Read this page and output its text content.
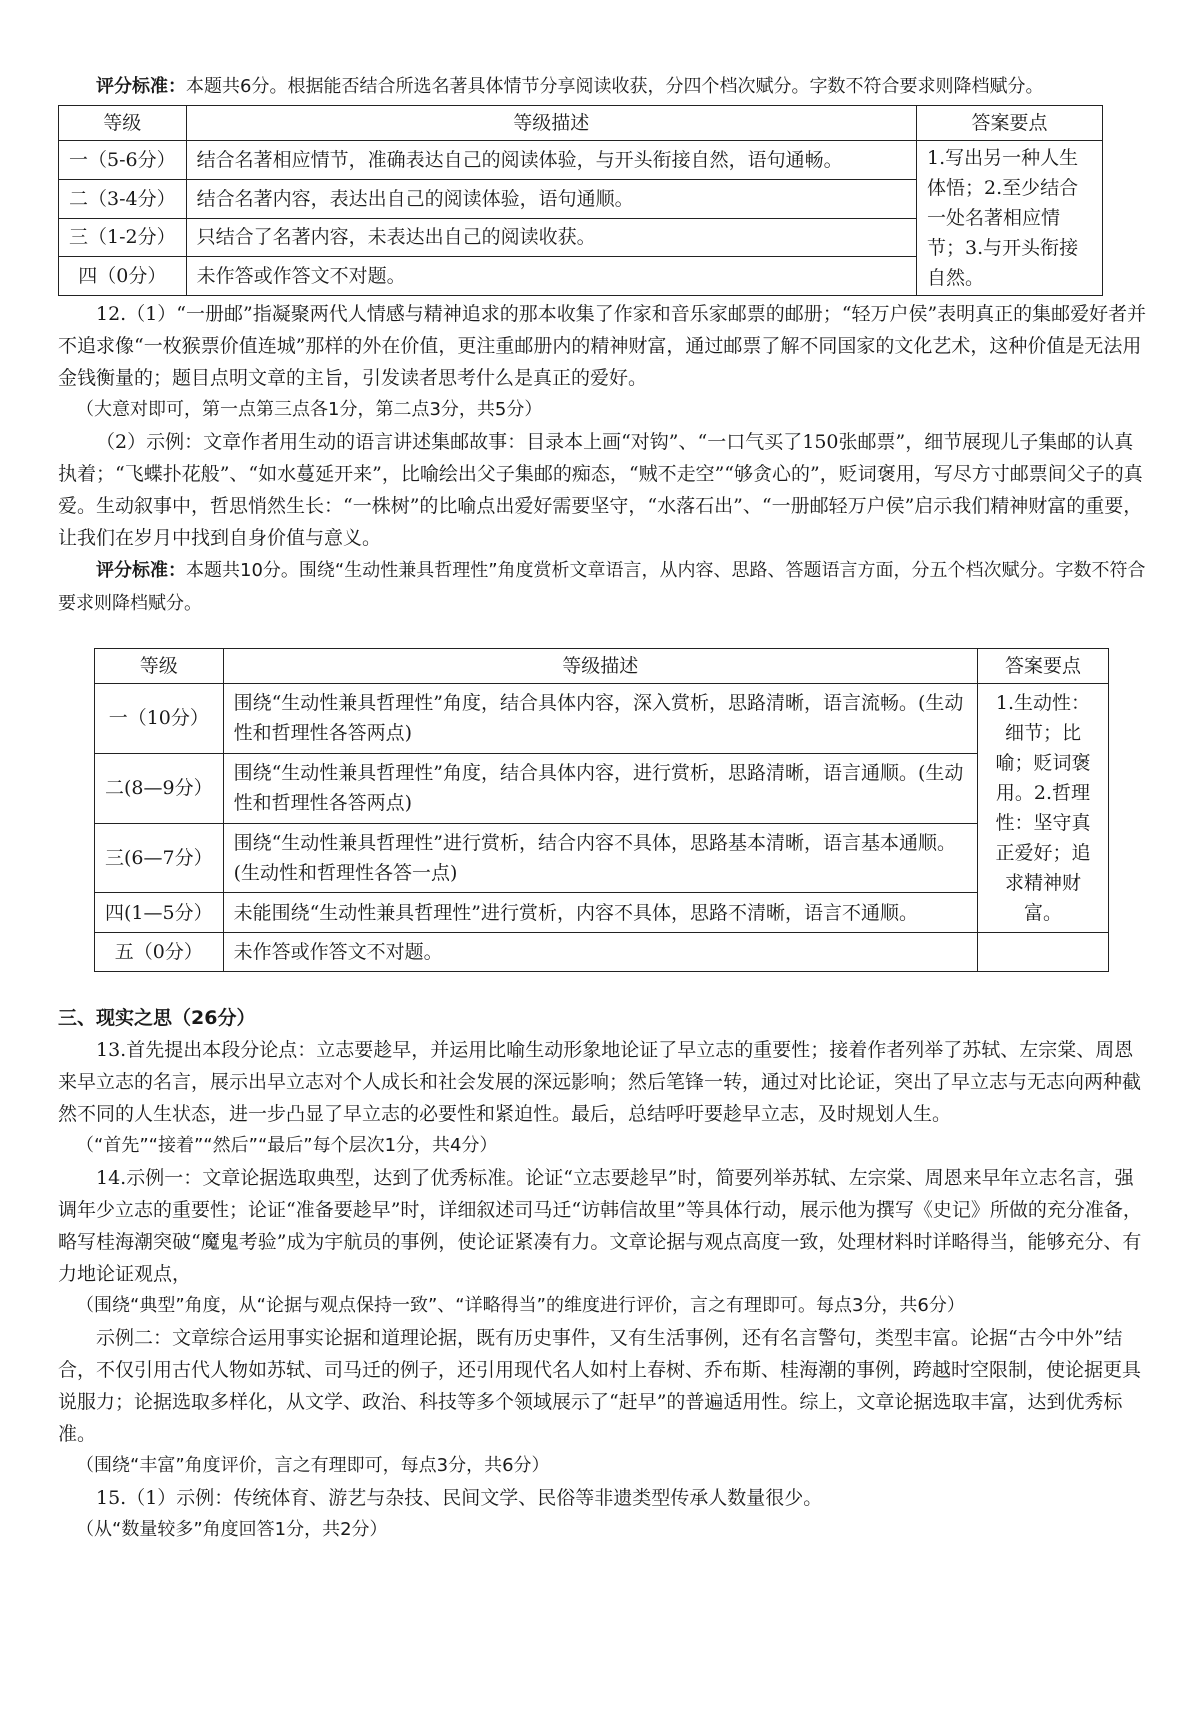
评分标准：本题共6分。根据能否结合所选名著具体情节分享阅读收获，分四个档次赋分。字数不符合要求则降档赋分。

等级	等级描述	答案要点
一（5-6分）	结合名著相应情节，准确表达自己的阅读体验，与开头衔接自然，语句通畅。	1.写出另一种人生体悟；2.至少结合一处名著相应情节；3.与开头衔接自然。
二（3-4分）	结合名著内容，表达出自己的阅读体验，语句通顺。	
三（1-2分）	只结合了名著内容，未表达出自己的阅读收获。	
四（0分）	未作答或作答文不对题。	

12.（1）“一册邮”指凝聚两代人情感与精神追求的那本收集了作家和音乐家邮票的邮册；“轻万户侯”表明真正的集邮爱好者并不追求像“一枚猴票价值连城”那样的外在价值，更注重邮册内的精神财富，通过邮票了解不同国家的文化艺术，这种价值是无法用金钱衡量的；题目点明文章的主旨，引发读者思考什么是真正的爱好。

（大意对即可，第一点第三点各1分，第二点3分，共5分）

（2）示例：文章作者用生动的语言讲述集邮故事：目录本上画“对钩”、“一口气买了150张邮票”，细节展现儿子集邮的认真执着；“飞蝶扑花般”、“如水蔓延开来”，比喻绘出父子集邮的痴态，“贼不走空”“够贪心的”，贬词褒用，写尽方寸邮票间父子的真爱。生动叙事中，哲思悄然生长：“一株树”的比喻点出爱好需要坚守，“水落石出”、“一册邮轻万户侯”启示我们精神财富的重要，让我们在岁月中找到自身价值与意义。

评分标准：本题共10分。围绕“生动性兼具哲理性”角度赏析文章语言，从内容、思路、答题语言方面，分五个档次赋分。字数不符合要求则降档赋分。

等级	等级描述	答案要点
一（10分）	围绕“生动性兼具哲理性”角度，结合具体内容，深入赏析，思路清晰，语言流畅。(生动性和哲理性各答两点)	1.生动性：细节；比喻；贬词褒用。2.哲理性：坚守真正爱好；追求精神财富。
二(8—9分）	围绕“生动性兼具哲理性”角度，结合具体内容，进行赏析，思路清晰，语言通顺。(生动性和哲理性各答两点)	
三(6—7分）	围绕“生动性兼具哲理性”进行赏析，结合内容不具体，思路基本清晰，语言基本通顺。(生动性和哲理性各答一点)	
四(1—5分）	未能围绕“生动性兼具哲理性”进行赏析，内容不具体，思路不清晰，语言不通顺。	
五（0分）	未作答或作答文不对题。	

三、现实之思（26分）

13.首先提出本段分论点：立志要趁早，并运用比喻生动形象地论证了早立志的重要性；接着作者列举了苏轼、左宗棠、周恩来早立志的名言，展示出早立志对个人成长和社会发展的深远影响；然后笔锋一转，通过对比论证，突出了早立志与无志向两种截然不同的人生状态，进一步凸显了早立志的必要性和紧迫性。最后，总结呼吁要趁早立志，及时规划人生。

（“首先”“接着”“然后”“最后”每个层次1分，共4分）

14.示例一：文章论据选取典型，达到了优秀标准。论证“立志要趁早”时，简要列举苏轼、左宗棠、周恩来早年立志名言，强调年少立志的重要性；论证“准备要趁早”时，详细叙述司马迁“访韩信故里”等具体行动，展示他为撰写《史记》所做的充分准备，略写桂海潮突破“魔鬼考验”成为宇航员的事例，使论证紧凑有力。文章论据与观点高度一致，处理材料时详略得当，能够充分、有力地论证观点，

（围绕“典型”角度，从“论据与观点保持一致”、“详略得当”的维度进行评价，言之有理即可。每点3分，共6分）

示例二：文章综合运用事实论据和道理论据，既有历史事件，又有生活事例，还有名言警句，类型丰富。论据“古今中外”结合，不仅引用古代人物如苏轼、司马迁的例子，还引用现代名人如村上春树、乔布斯、桂海潮的事例，跨越时空限制，使论据更具说服力；论据选取多样化，从文学、政治、科技等多个领域展示了“赶早”的普遍适用性。综上，文章论据选取丰富，达到优秀标准。

（围绕“丰富”角度评价，言之有理即可，每点3分，共6分）

15.（1）示例：传统体育、游艺与杂技、民间文学、民俗等非遗类型传承人数量很少。

（从“数量较多”角度回答1分，共2分）
